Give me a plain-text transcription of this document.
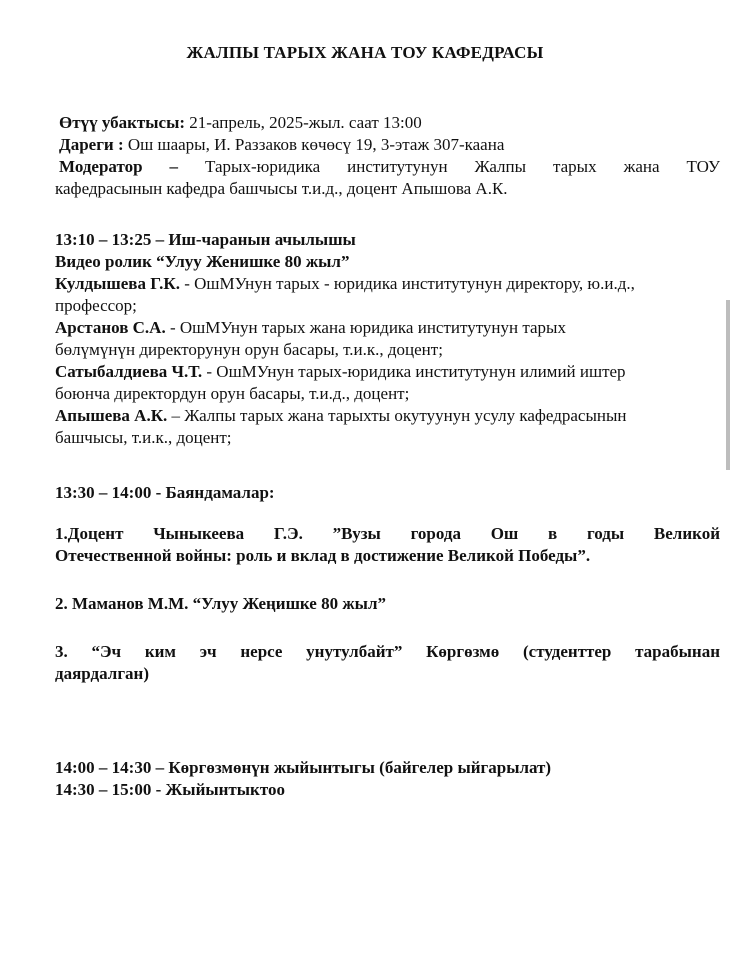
ЖАЛПЫ ТАРЫХ ЖАНА ТОУ КАФЕДРАСЫ

Өтүү убактысы: 21-апрель, 2025-жыл. саат 13:00

Дареги : Ош шаары, И. Раззаков көчөсү 19, 3-этаж 307-каана

Модератор – Тарых-юридика институтунун Жалпы тарых жана ТОУ

кафедрасынын кафедра башчысы т.и.д., доцент Апышова А.К.

13:10 – 13:25 – Иш-чаранын ачылышы

Видео ролик “Улуу Женишке 80 жыл”

Кулдышева Г.К. - ОшМУнун тарых - юридика институтунун директору, ю.и.д.,

профессор;

Арстанов С.А. - ОшМУнун тарых жана юридика институтунун тарых

бөлүмүнүн директорунун орун басары, т.и.к., доцент;

Сатыбалдиева Ч.Т. - ОшМУнун тарых-юридика институтунун илимий иштер

боюнча директордун орун басары, т.и.д., доцент;

Апышева А.К. – Жалпы тарых жана тарыхты окутуунун усулу кафедрасынын

башчысы, т.и.к., доцент;

13:30 – 14:00 - Баяндамалар:

1.Доцент Чыныкеева Г.Э. ”Вузы города Ош в годы Великой

Отечественной войны: роль и вклад в достижение Великой Победы”.

2. Маманов М.М. “Улуу Жеңишке 80 жыл”

3. “Эч ким эч нерсе унутулбайт” Көргөзмө (студенттер тарабынан

даярдалган)

14:00 – 14:30 – Көргөзмөнүн жыйынтыгы (байгелер ыйгарылат)

14:30 – 15:00 - Жыйынтыктоо
